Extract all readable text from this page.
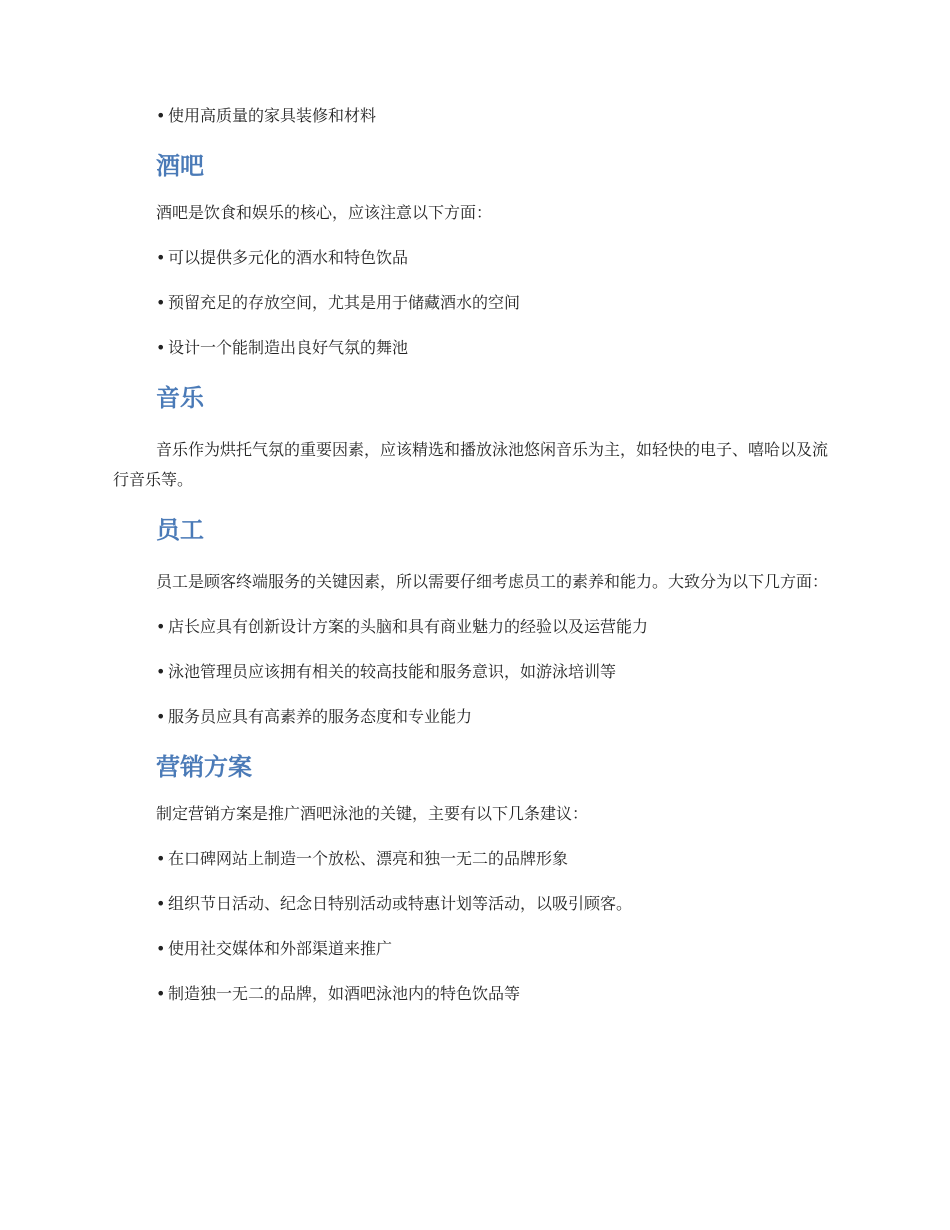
• 使用高质量的家具装修和材料
酒吧
酒吧是饮食和娱乐的核心，应该注意以下方面：
• 可以提供多元化的酒水和特色饮品
• 预留充足的存放空间，尤其是用于储藏酒水的空间
• 设计一个能制造出良好气氛的舞池
音乐
音乐作为烘托气氛的重要因素，应该精选和播放泳池悠闲音乐为主，如轻快的电子、嘻哈以及流行音乐等。
员工
员工是顾客终端服务的关键因素，所以需要仔细考虑员工的素养和能力。大致分为以下几方面：
• 店长应具有创新设计方案的头脑和具有商业魅力的经验以及运营能力
• 泳池管理员应该拥有相关的较高技能和服务意识，如游泳培训等
• 服务员应具有高素养的服务态度和专业能力
营销方案
制定营销方案是推广酒吧泳池的关键，主要有以下几条建议：
• 在口碑网站上制造一个放松、漂亮和独一无二的品牌形象
• 组织节日活动、纪念日特别活动或特惠计划等活动，以吸引顾客。
• 使用社交媒体和外部渠道来推广
• 制造独一无二的品牌，如酒吧泳池内的特色饮品等
